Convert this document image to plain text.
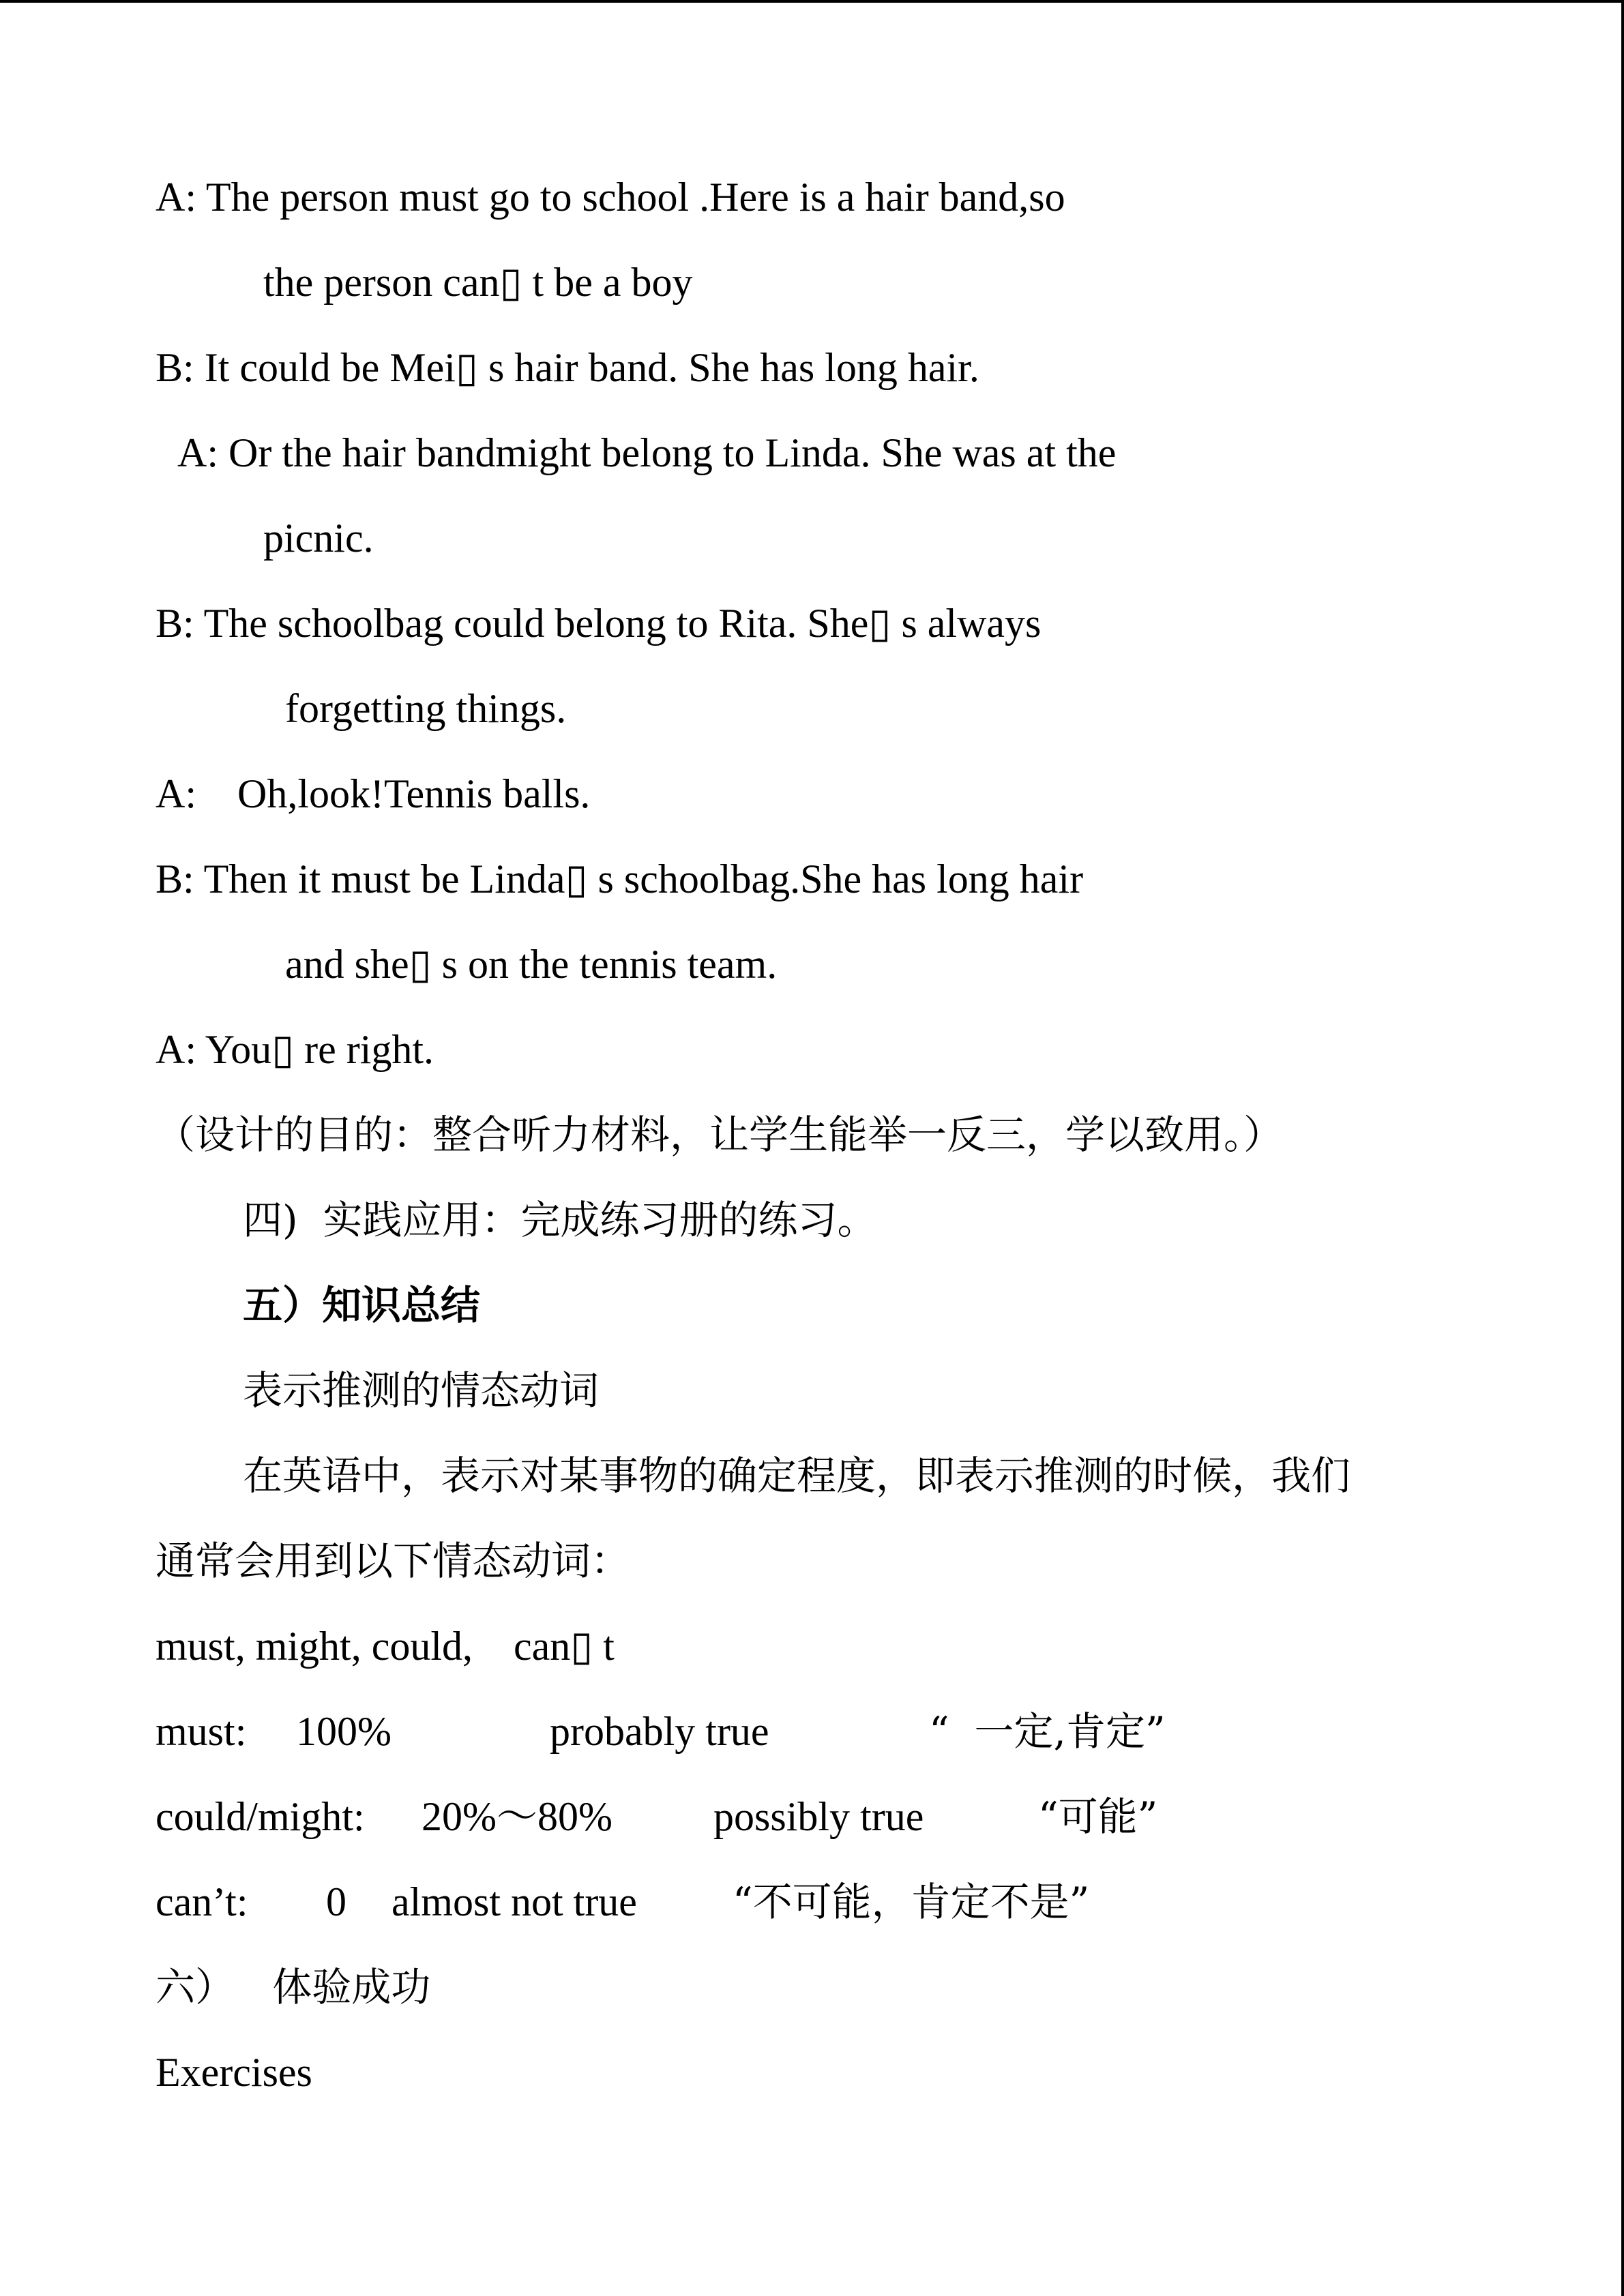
A: The person must go to school .Here is a hair band,so
the person can▯ t be a boy
B: It could be Mei▯ s hair band. She has long hair.
A: Or the hair bandmight belong to Linda. She was at the
picnic.
B: The schoolbag could belong to Rita. She▯ s always
forgetting things.
A:    Oh,look!Tennis balls.
B: Then it must be Linda▯ s schoolbag.She has long hair
and she▯ s on the tennis team.
A: You▯ re right.
（设计的目的：整合听力材料，让学生能举一反三，学以致用。）
四)  实践应用：完成练习册的练习。
五）知识总结
表示推测的情态动词
在英语中，表示对某事物的确定程度，即表示推测的时候，我们
通常会用到以下情态动词：
must, might, could,    can▯ t
must: 100%	probably true	“  一定,肯定”
could/might: 20%～80% possibly true	“可能”
can’t: 0 almost not true “不可能，肯定不是”
六）   体验成功
Exercises
